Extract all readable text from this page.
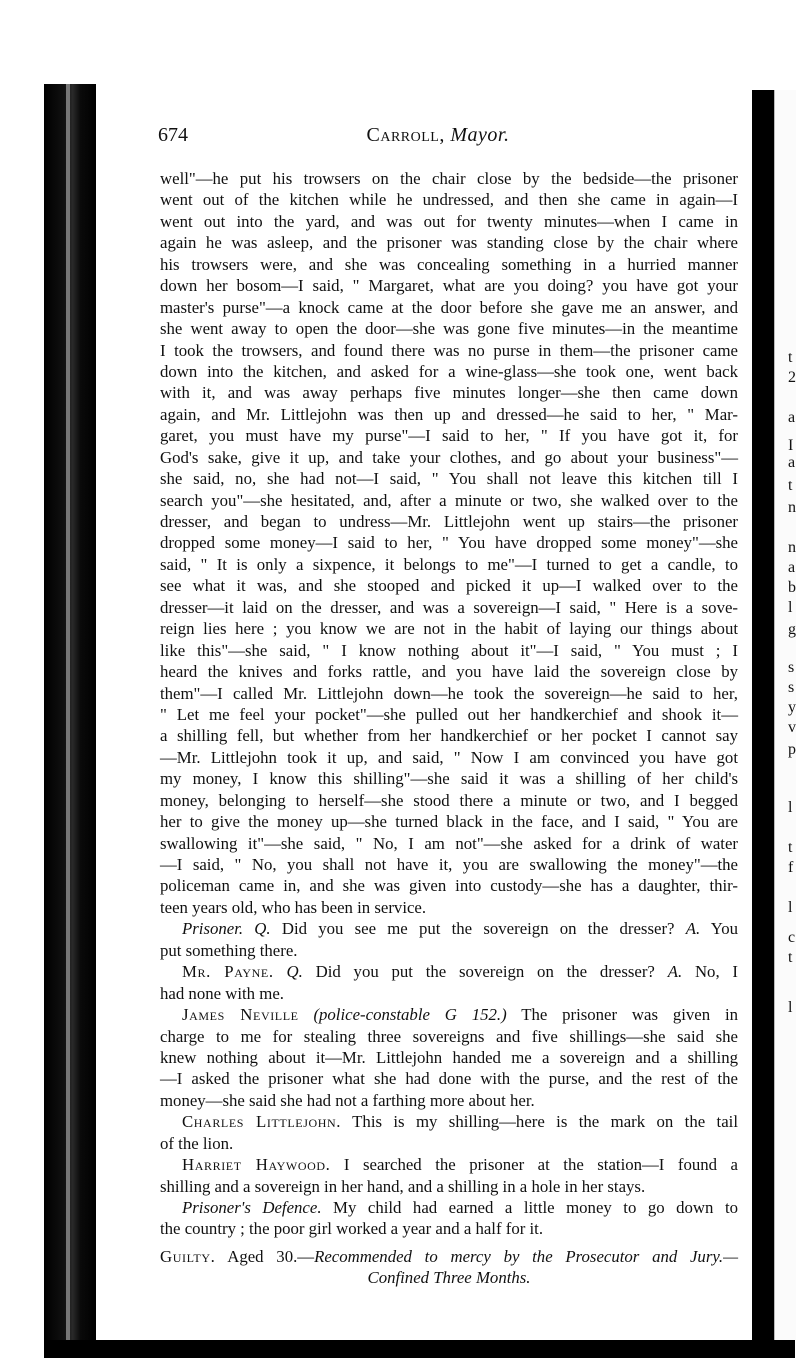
t
2
a
I
a
t
n
n
a
b
l
g
s
s
y
v
p
l
t
f
l
c
t
l
674	Carroll, Mayor.
well"—he put his trowsers on the chair close by the bedside—the prisoner
went out of the kitchen while he undressed, and then she came in again—I
went out into the yard, and was out for twenty minutes—when I came in
again he was asleep, and the prisoner was standing close by the chair where
his trowsers were, and she was concealing something in a hurried manner
down her bosom—I said, " Margaret, what are you doing? you have got your
master's purse"—a knock came at the door before she gave me an answer, and
she went away to open the door—she was gone five minutes—in the meantime
I took the trowsers, and found there was no purse in them—the prisoner came
down into the kitchen, and asked for a wine-glass—she took one, went back
with it, and was away perhaps five minutes longer—she then came down
again, and Mr. Littlejohn was then up and dressed—he said to her, " Mar-
garet, you must have my purse"—I said to her, " If you have got it, for
God's sake, give it up, and take your clothes, and go about your business"—
she said, no, she had not—I said, " You shall not leave this kitchen till I
search you"—she hesitated, and, after a minute or two, she walked over to the
dresser, and began to undress—Mr. Littlejohn went up stairs—the prisoner
dropped some money—I said to her, " You have dropped some money"—she
said, " It is only a sixpence, it belongs to me"—I turned to get a candle, to
see what it was, and she stooped and picked it up—I walked over to the
dresser—it laid on the dresser, and was a sovereign—I said, " Here is a sove-
reign lies here ; you know we are not in the habit of laying our things about
like this"—she said, " I know nothing about it"—I said, " You must ; I
heard the knives and forks rattle, and you have laid the sovereign close by
them"—I called Mr. Littlejohn down—he took the sovereign—he said to her,
" Let me feel your pocket"—she pulled out her handkerchief and shook it—
a shilling fell, but whether from her handkerchief or her pocket I cannot say
—Mr. Littlejohn took it up, and said, " Now I am convinced you have got
my money, I know this shilling"—she said it was a shilling of her child's
money, belonging to herself—she stood there a minute or two, and I begged
her to give the money up—she turned black in the face, and I said, " You are
swallowing it"—she said, " No, I am not"—she asked for a drink of water
—I said, " No, you shall not have it, you are swallowing the money"—the
policeman came in, and she was given into custody—she has a daughter, thir-
teen years old, who has been in service.
Prisoner. Q. Did you see me put the sovereign on the dresser? A. You
put something there.
Mr. Payne. Q. Did you put the sovereign on the dresser? A. No, I
had none with me.
James Neville (police-constable G 152.) The prisoner was given in
charge to me for stealing three sovereigns and five shillings—she said she
knew nothing about it—Mr. Littlejohn handed me a sovereign and a shilling
—I asked the prisoner what she had done with the purse, and the rest of the
money—she said she had not a farthing more about her.
Charles Littlejohn. This is my shilling—here is the mark on the tail
of the lion.
Harriet Haywood. I searched the prisoner at the station—I found a
shilling and a sovereign in her hand, and a shilling in a hole in her stays.
Prisoner's Defence. My child had earned a little money to go down to
the country ; the poor girl worked a year and a half for it.
Guilty. Aged 30.—Recommended to mercy by the Prosecutor and Jury.—
Confined Three Months.
